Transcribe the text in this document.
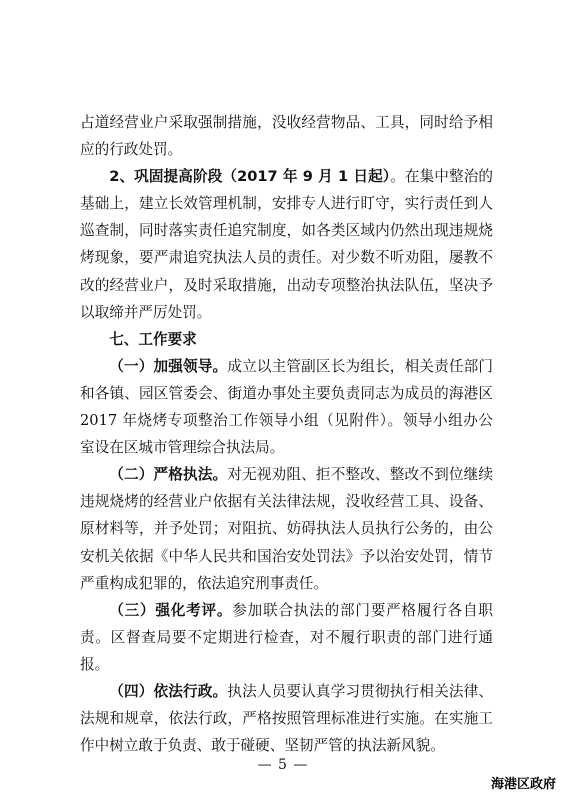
占道经营业户采取强制措施，没收经营物品、工具，同时给予相应的行政处罚。

2、巩固提高阶段（2017 年 9 月 1 日起）。在集中整治的基础上，建立长效管理机制，安排专人进行盯守，实行责任到人巡查制，同时落实责任追究制度，如各类区域内仍然出现违规烧烤现象，要严肃追究执法人员的责任。对少数不听劝阻，屡教不改的经营业户，及时采取措施，出动专项整治执法队伍，坚决予以取缔并严厉处罚。

七、工作要求

（一）加强领导。成立以主管副区长为组长，相关责任部门和各镇、园区管委会、街道办事处主要负责同志为成员的海港区2017 年烧烤专项整治工作领导小组（见附件）。领导小组办公室设在区城市管理综合执法局。

（二）严格执法。对无视劝阻、拒不整改、整改不到位继续违规烧烤的经营业户依据有关法律法规，没收经营工具、设备、原材料等，并予处罚；对阻抗、妨碍执法人员执行公务的，由公安机关依据《中华人民共和国治安处罚法》予以治安处罚，情节严重构成犯罪的，依法追究刑事责任。

（三）强化考评。参加联合执法的部门要严格履行各自职责。区督查局要不定期进行检查，对不履行职责的部门进行通报。

（四）依法行政。执法人员要认真学习贯彻执行相关法律、法规和规章，依法行政，严格按照管理标准进行实施。在实施工作中树立敢于负责、敢于碰硬、坚韧严管的执法新风貌。

— 5 —
海港区政府
